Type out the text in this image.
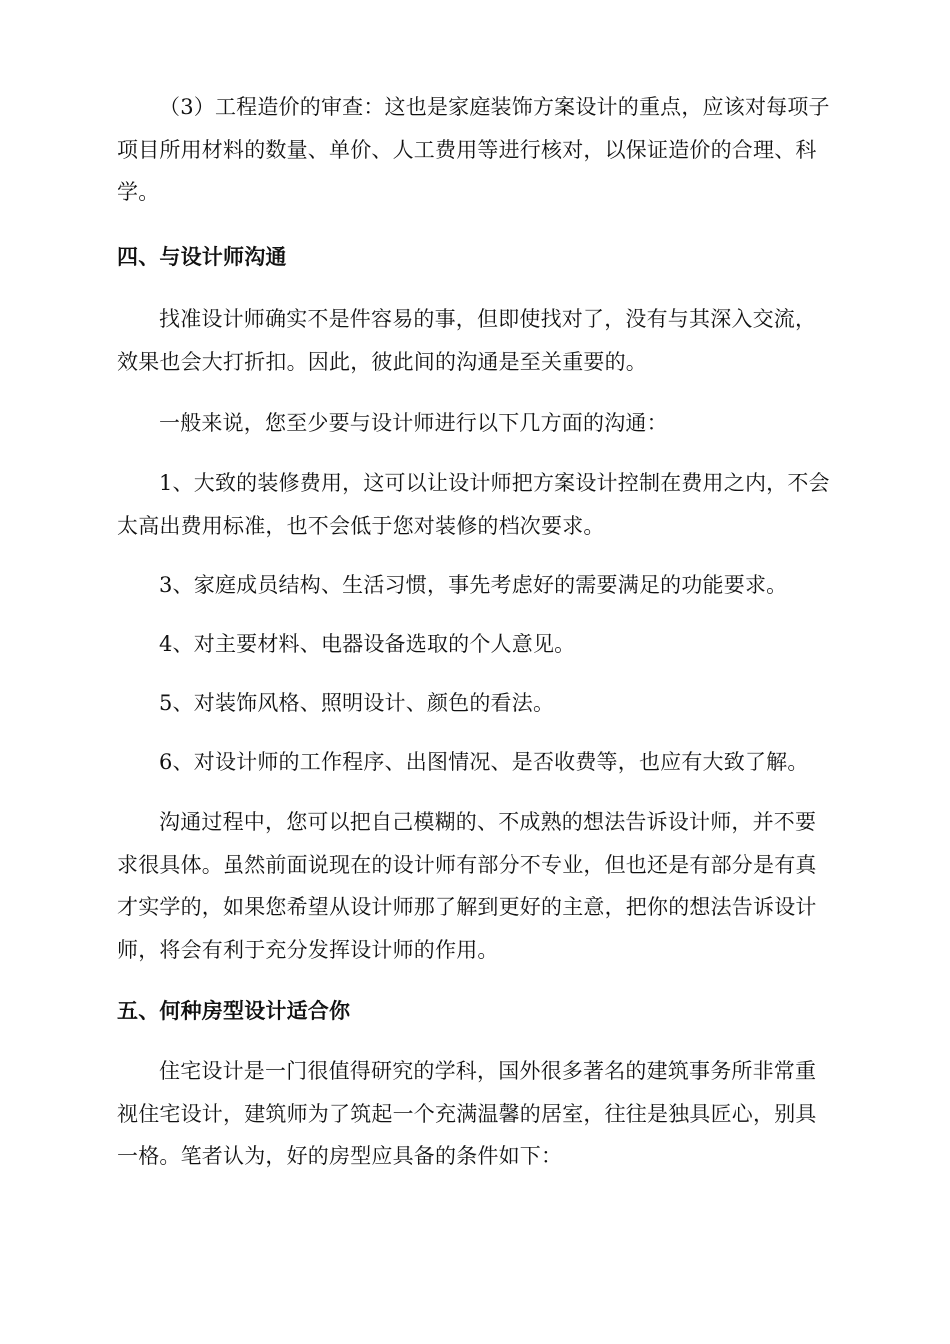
（3）工程造价的审查：这也是家庭装饰方案设计的重点，应该对每项子项目所用材料的数量、单价、人工费用等进行核对，以保证造价的合理、科学。

四、与设计师沟通

找准设计师确实不是件容易的事，但即使找对了，没有与其深入交流，效果也会大打折扣。因此，彼此间的沟通是至关重要的。

一般来说，您至少要与设计师进行以下几方面的沟通：

1、大致的装修费用，这可以让设计师把方案设计控制在费用之内，不会太高出费用标准，也不会低于您对装修的档次要求。

3、家庭成员结构、生活习惯，事先考虑好的需要满足的功能要求。

4、对主要材料、电器设备选取的个人意见。

5、对装饰风格、照明设计、颜色的看法。

6、对设计师的工作程序、出图情况、是否收费等，也应有大致了解。

沟通过程中，您可以把自己模糊的、不成熟的想法告诉设计师，并不要求很具体。虽然前面说现在的设计师有部分不专业，但也还是有部分是有真才实学的，如果您希望从设计师那了解到更好的主意，把你的想法告诉设计师，将会有利于充分发挥设计师的作用。

五、何种房型设计适合你

住宅设计是一门很值得研究的学科，国外很多著名的建筑事务所非常重视住宅设计，建筑师为了筑起一个充满温馨的居室，往往是独具匠心，别具一格。笔者认为，好的房型应具备的条件如下：
